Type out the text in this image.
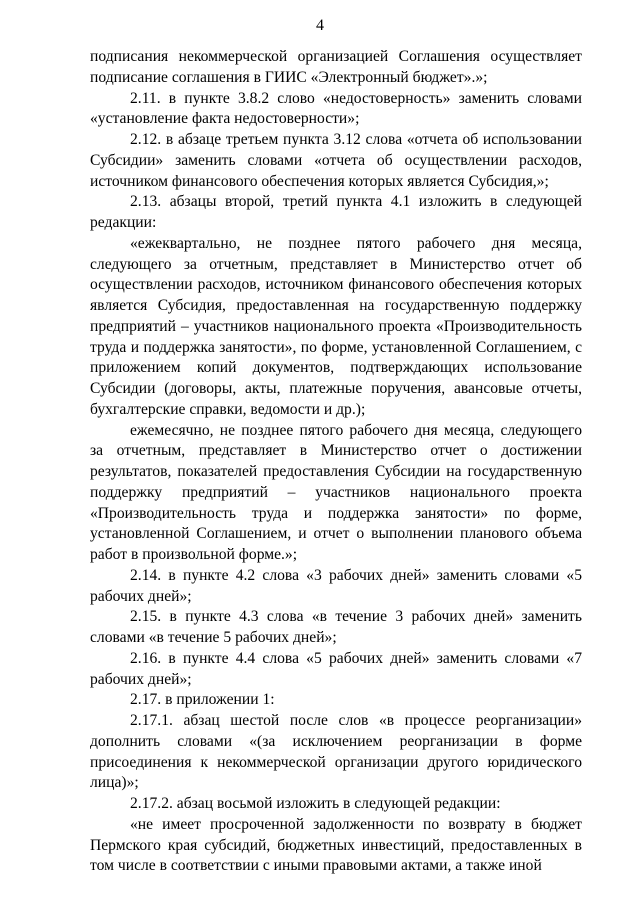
4

подписания некоммерческой организацией Соглашения осуществляет подписание соглашения в ГИИС «Электронный бюджет».»;

2.11. в пункте 3.8.2 слово «недостоверность» заменить словами «установление факта недостоверности»;

2.12. в абзаце третьем пункта 3.12 слова «отчета об использовании Субсидии» заменить словами «отчета об осуществлении расходов, источником финансового обеспечения которых является Субсидия,»;

2.13. абзацы второй, третий пункта 4.1 изложить в следующей редакции:

«ежеквартально, не позднее пятого рабочего дня месяца, следующего за отчетным, представляет в Министерство отчет об осуществлении расходов, источником финансового обеспечения которых является Субсидия, предоставленная на государственную поддержку предприятий – участников национального проекта «Производительность труда и поддержка занятости», по форме, установленной Соглашением, с приложением копий документов, подтверждающих использование Субсидии (договоры, акты, платежные поручения, авансовые отчеты, бухгалтерские справки, ведомости и др.);

ежемесячно, не позднее пятого рабочего дня месяца, следующего за отчетным, представляет в Министерство отчет о достижении результатов, показателей предоставления Субсидии на государственную поддержку предприятий – участников национального проекта «Производительность труда и поддержка занятости» по форме, установленной Соглашением, и отчет о выполнении планового объема работ в произвольной форме.»;

2.14. в пункте 4.2 слова «3 рабочих дней» заменить словами «5 рабочих дней»;

2.15. в пункте 4.3 слова «в течение 3 рабочих дней» заменить словами «в течение 5 рабочих дней»;

2.16. в пункте 4.4 слова «5 рабочих дней» заменить словами «7 рабочих дней»;

2.17. в приложении 1:

2.17.1. абзац шестой после слов «в процессе реорганизации» дополнить словами «(за исключением реорганизации в форме присоединения к некоммерческой организации другого юридического лица)»;

2.17.2. абзац восьмой изложить в следующей редакции:

«не имеет просроченной задолженности по возврату в бюджет Пермского края субсидий, бюджетных инвестиций, предоставленных в том числе в соответствии с иными правовыми актами, а также иной
